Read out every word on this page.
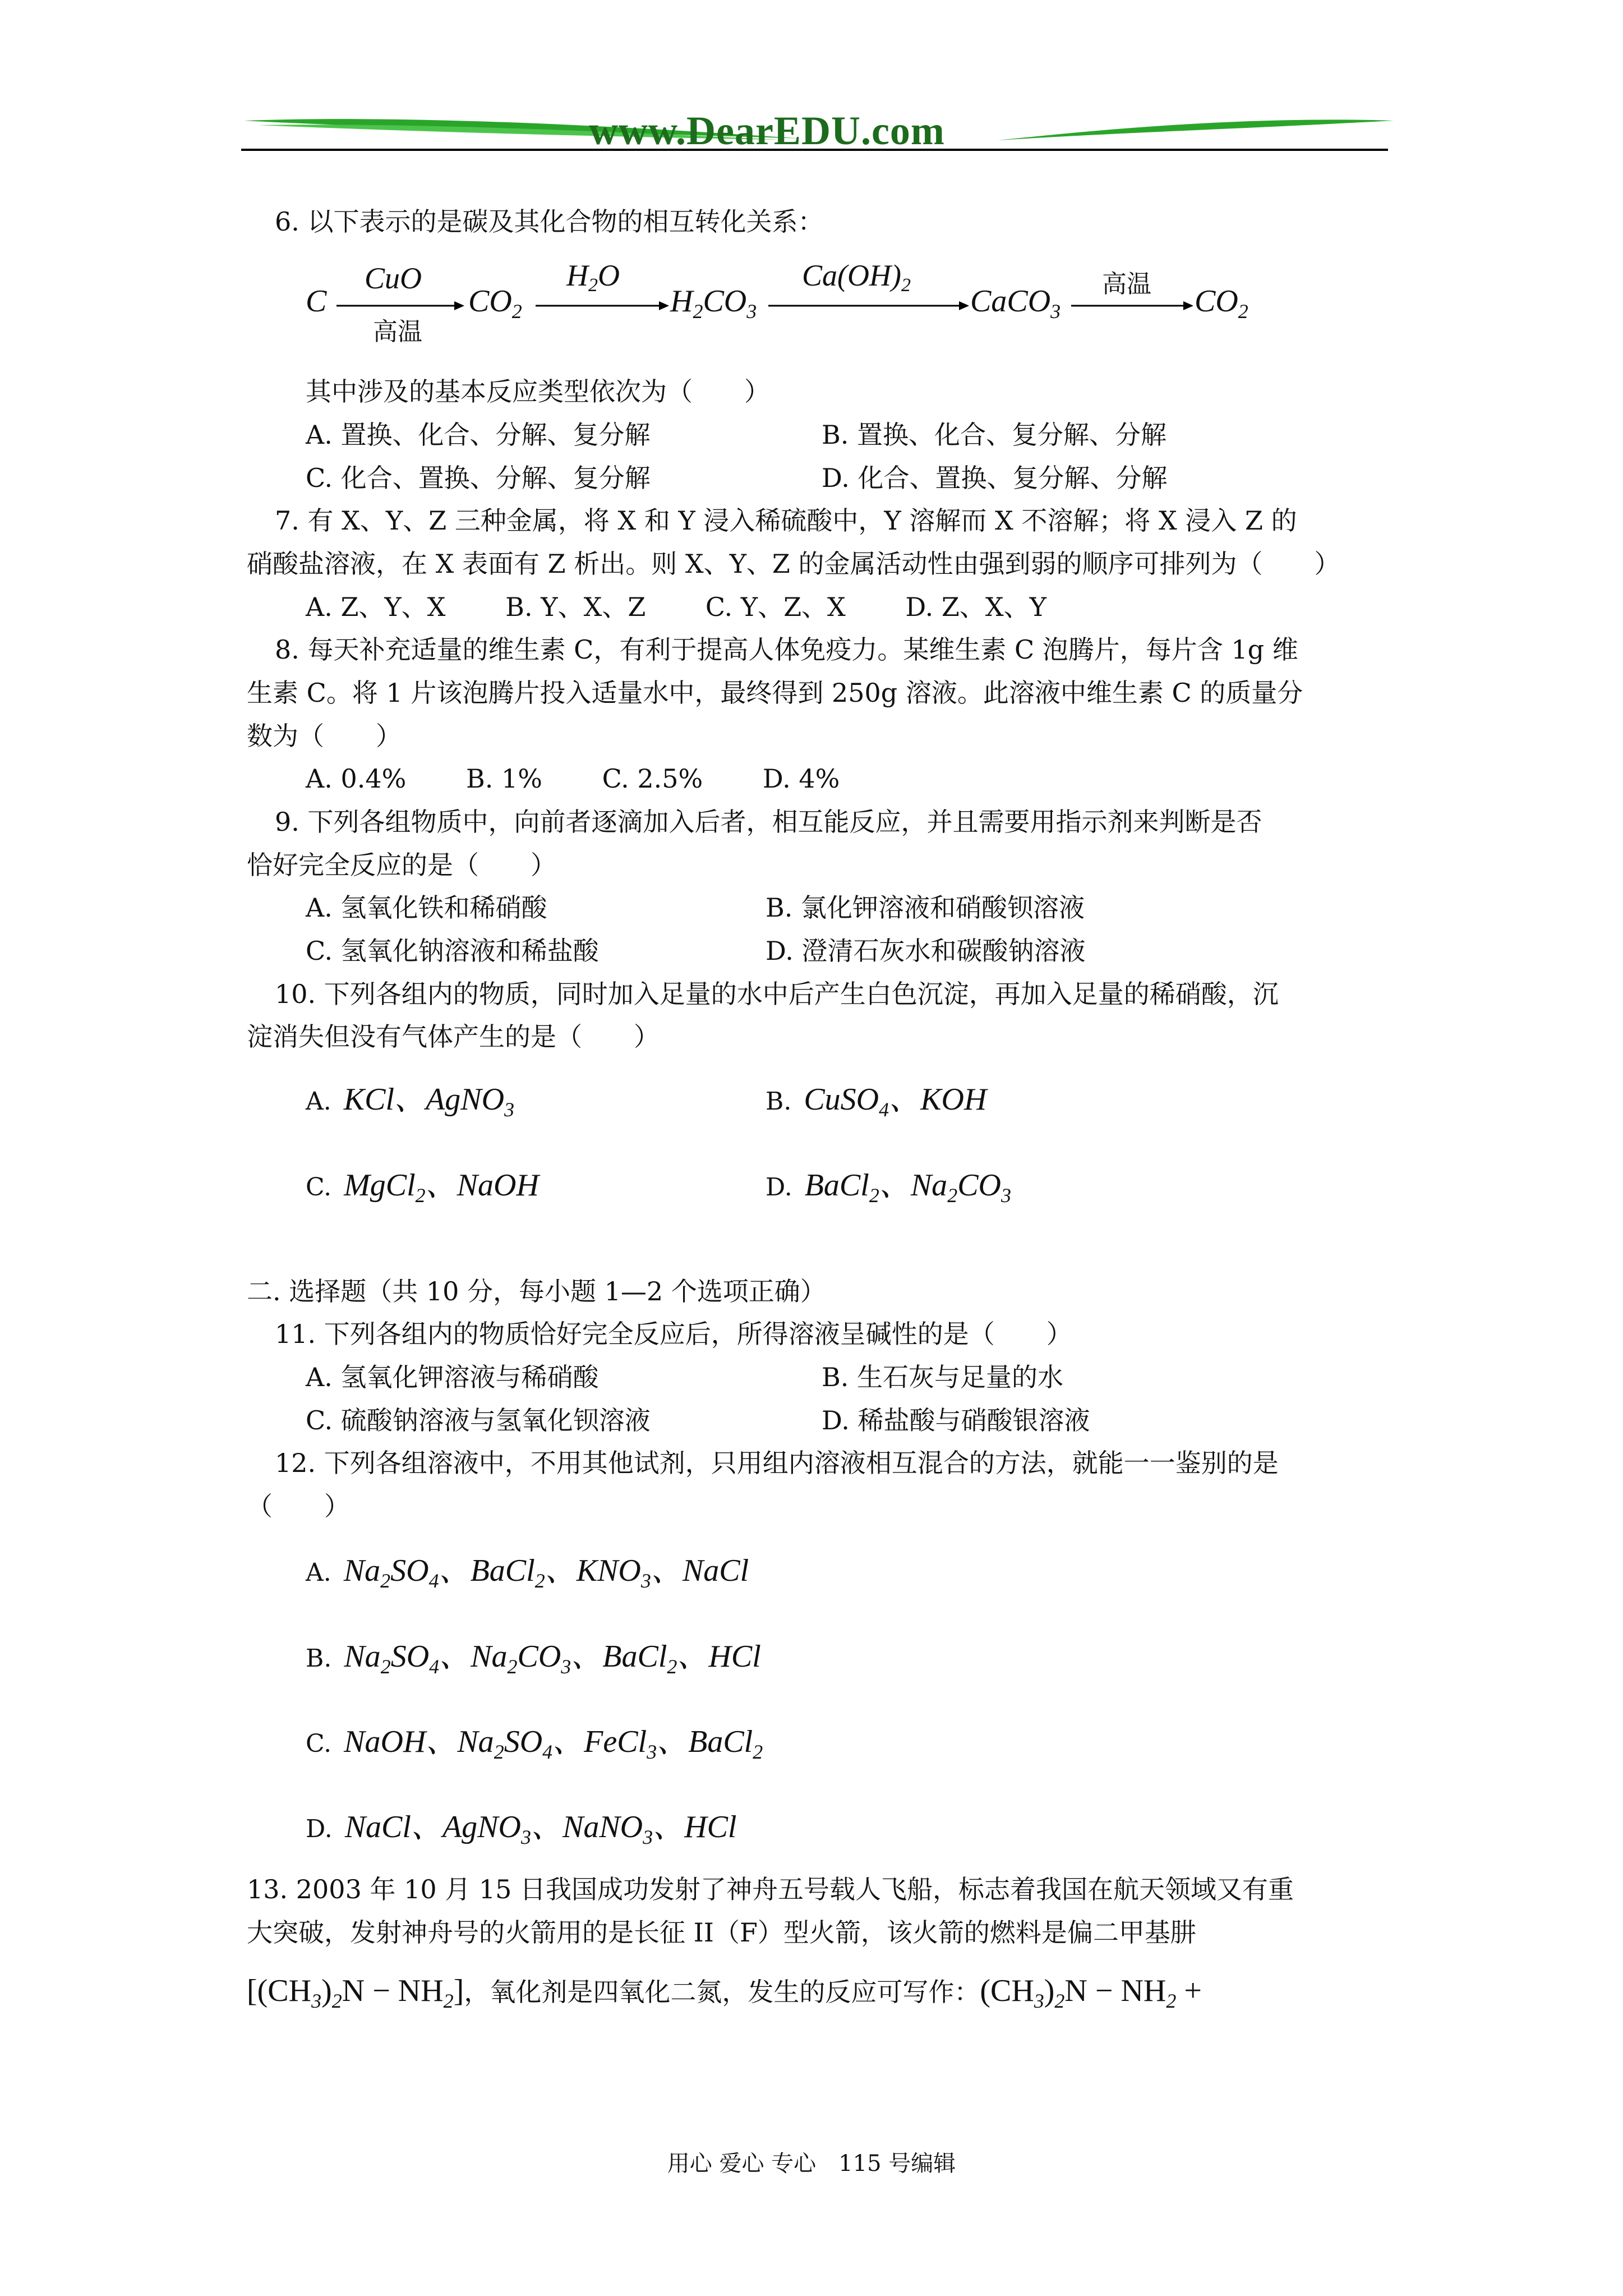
www.DearEDU.com
6. 以下表示的是碳及其化合物的相互转化关系：
C
CuO
高温
$CO_2$
$H_2O$
$H_2CO_3$
$Ca(OH)_2$ CaCO$_3$
高温 $CO_2$
其中涉及的基本反应类型依次为（　　）
A. 置换、化合、分解、复分解	B. 置换、化合、复分解、分解
C. 化合、置换、分解、复分解	D. 化合、置换、复分解、分解
7. 有 X、Y、Z 三种金属，将 X 和 Y 浸入稀硫酸中，Y 溶解而 X 不溶解；将 X 浸入 Z 的
硝酸盐溶液，在 X 表面有 Z 析出。则 X、Y、Z 的金属活动性由强到弱的顺序可排列为（　　）
A. Z、Y、X　　 B. Y、X、Z　　 C. Y、Z、X　　 D. Z、X、Y
8. 每天补充适量的维生素 C，有利于提高人体免疫力。某维生素 C 泡腾片，每片含 1g 维
生素 C。将 1 片该泡腾片投入适量水中，最终得到 250g 溶液。此溶液中维生素 C 的质量分
数为（　　）
A. 0.4%　　 B. 1%　　 C. 2.5%　　 D. 4%
9. 下列各组物质中，向前者逐滴加入后者，相互能反应，并且需要用指示剂来判断是否
恰好完全反应的是（　　）
A. 氢氧化铁和稀硝酸	B. 氯化钾溶液和硝酸钡溶液
C. 氢氧化钠溶液和稀盐酸	D. 澄清石灰水和碳酸钠溶液
10. 下列各组内的物质，同时加入足量的水中后产生白色沉淀，再加入足量的稀硝酸，沉
淀消失但没有气体产生的是（　　）
A. KCl、AgNO$_3$	B. CuSO$_4$、KOH
C. MgCl$_2$、NaOH	D. BaCl$_2$、$Na_2CO_3$
二. 选择题（共 10 分，每小题 1—2 个选项正确）
11. 下列各组内的物质恰好完全反应后，所得溶液呈碱性的是（　　）
A. 氢氧化钾溶液与稀硝酸	B. 生石灰与足量的水
C. 硫酸钠溶液与氢氧化钡溶液	D. 稀盐酸与硝酸银溶液
12. 下列各组溶液中，不用其他试剂，只用组内溶液相互混合的方法，就能一一鉴别的是
（　　）
A. $Na_2SO_4$、BaCl$_2$、$KNO_3$、NaCl
B. $Na_2SO_4$、$Na_2CO_3$、BaCl$_2$、HCl
C. NaOH、$Na_2SO_4$、FeCl$_3$、BaCl$_2$
D. NaCl、AgNO$_3$、NaNO$_3$、HCl
13. 2003 年 10 月 15 日我国成功发射了神舟五号载人飞船，标志着我国在航天领域又有重
大突破，发射神舟号的火箭用的是长征 II（F）型火箭，该火箭的燃料是偏二甲基肼
$[(CH_3)_2N - NH_2]$，氧化剂是四氧化二氮，发生的反应可写作：$(CH_3)_2N - NH_2$ +
用心 爱心 专心　115 号编辑
